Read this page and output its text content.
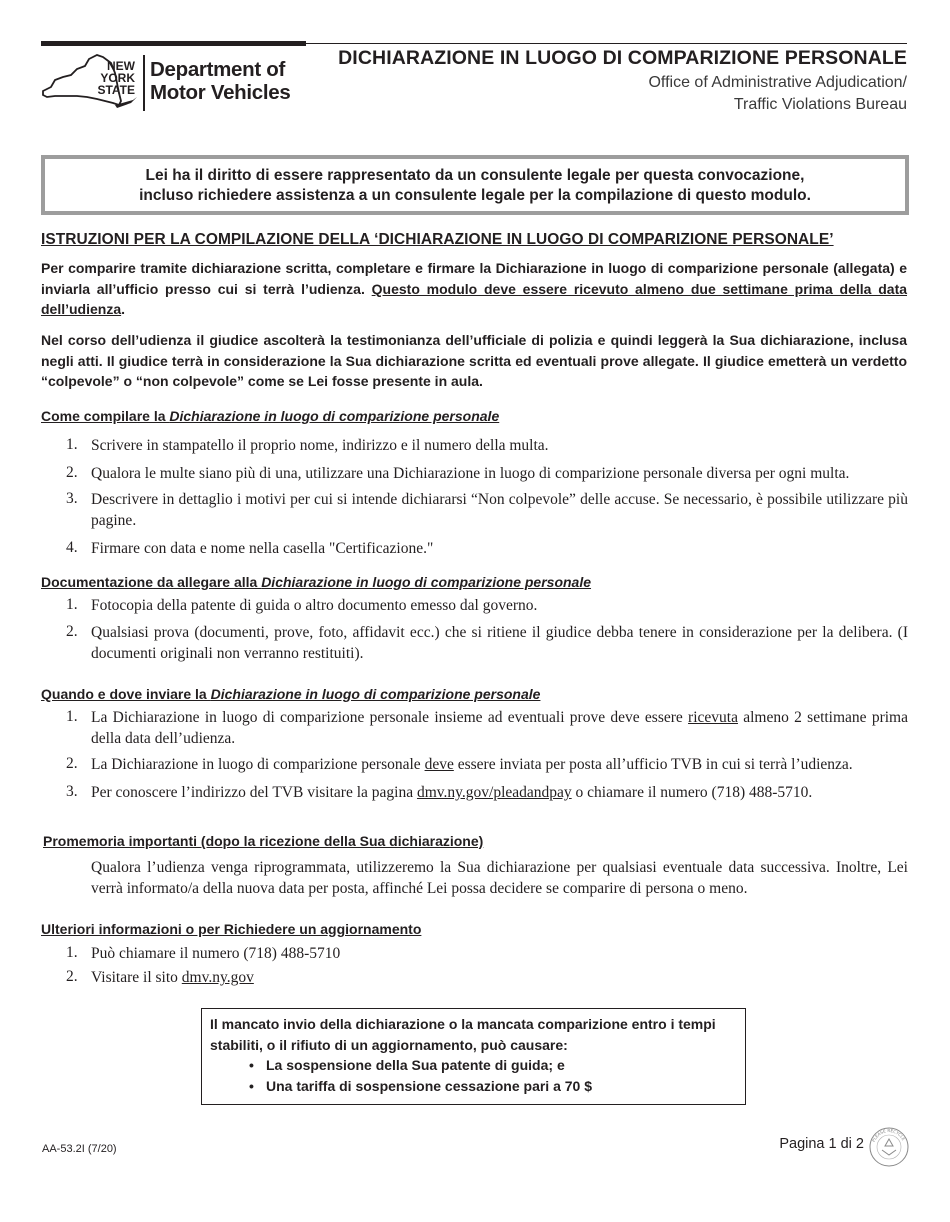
NEW
YORK
STATE
Department of
Motor Vehicles
DICHIARAZIONE IN LUOGO DI COMPARIZIONE PERSONALE
Office of Administrative Adjudication/
Traffic Violations Bureau
Lei ha il diritto di essere rappresentato da un consulente legale per questa convocazione,
incluso richiedere assistenza a un consulente legale per la compilazione di questo modulo.
ISTRUZIONI PER LA COMPILAZIONE DELLA ‘DICHIARAZIONE IN LUOGO DI COMPARIZIONE PERSONALE’
Per comparire tramite dichiarazione scritta, completare e firmare la Dichiarazione in luogo di comparizione personale (allegata) e inviarla all’ufficio presso cui si terrà l’udienza. Questo modulo deve essere ricevuto almeno due settimane prima della data dell’udienza.
Nel corso dell’udienza il giudice ascolterà la testimonianza dell’ufficiale di polizia e quindi leggerà la Sua dichiarazione, inclusa negli atti. Il giudice terrà in considerazione la Sua dichiarazione scritta ed eventuali prove allegate. Il giudice emetterà un verdetto “colpevole” o “non colpevole” come se Lei fosse presente in aula.
Come compilare la Dichiarazione in luogo di comparizione personale
1. Scrivere in stampatello il proprio nome, indirizzo e il numero della multa.
2. Qualora le multe siano più di una, utilizzare una Dichiarazione in luogo di comparizione personale diversa per ogni multa.
3. Descrivere in dettaglio i motivi per cui si intende dichiararsi “Non colpevole” delle accuse. Se necessario, è possibile utilizzare più pagine.
4. Firmare con data e nome nella casella "Certificazione."
Documentazione da allegare alla Dichiarazione in luogo di comparizione personale
1. Fotocopia della patente di guida o altro documento emesso dal governo.
2. Qualsiasi prova (documenti, prove, foto, affidavit ecc.) che si ritiene il giudice debba tenere in considerazione per la delibera. (I documenti originali non verranno restituiti).
Quando e dove inviare la Dichiarazione in luogo di comparizione personale
1. La Dichiarazione in luogo di comparizione personale insieme ad eventuali prove deve essere ricevuta almeno 2 settimane prima della data dell’udienza.
2. La Dichiarazione in luogo di comparizione personale deve essere inviata per posta all’ufficio TVB in cui si terrà l’udienza.
3. Per conoscere l’indirizzo del TVB visitare la pagina dmv.ny.gov/pleadandpay o chiamare il numero (718) 488-5710.
Promemoria importanti (dopo la ricezione della Sua dichiarazione)
Qualora l’udienza venga riprogrammata, utilizzeremo la Sua dichiarazione per qualsiasi eventuale data successiva. Inoltre, Lei verrà informato/a della nuova data per posta, affinché Lei possa decidere se comparire di persona o meno.
Ulteriori informazioni o per Richiedere un aggiornamento
1. Può chiamare il numero (718) 488-5710
2. Visitare il sito dmv.ny.gov
Il mancato invio della dichiarazione o la mancata comparizione entro i tempi stabiliti, o il rifiuto di un aggiornamento, può causare:
• La sospensione della Sua patente di guida; e
• Una tariffa di sospensione cessazione pari a 70 $
AA-53.2I (7/20)	Pagina 1 di 2 PLEASE RECYCLE
